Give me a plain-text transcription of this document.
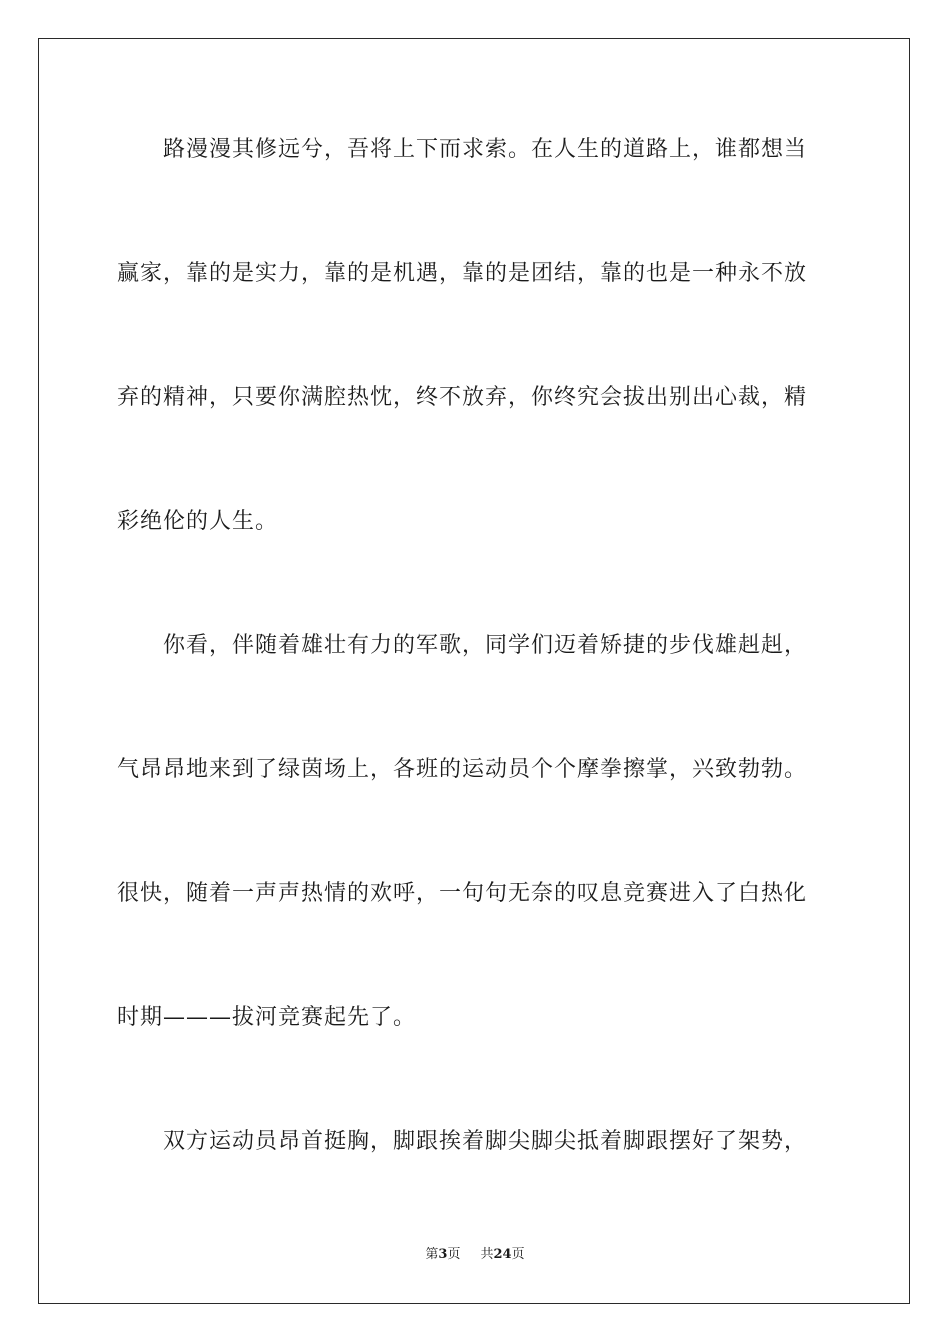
　　路漫漫其修远兮，吾将上下而求索。在人生的道路上，谁都想当
赢家，靠的是实力，靠的是机遇，靠的是团结，靠的也是一种永不放
弃的精神，只要你满腔热忱，终不放弃，你终究会拔出别出心裁，精
彩绝伦的人生。
　　你看，伴随着雄壮有力的军歌，同学们迈着矫捷的步伐雄赳赳，
气昂昂地来到了绿茵场上，各班的运动员个个摩拳擦掌，兴致勃勃。
很快，随着一声声热情的欢呼，一句句无奈的叹息竞赛进入了白热化
时期———拔河竞赛起先了。
　　双方运动员昂首挺胸，脚跟挨着脚尖脚尖抵着脚跟摆好了架势，
第3页 共24页
